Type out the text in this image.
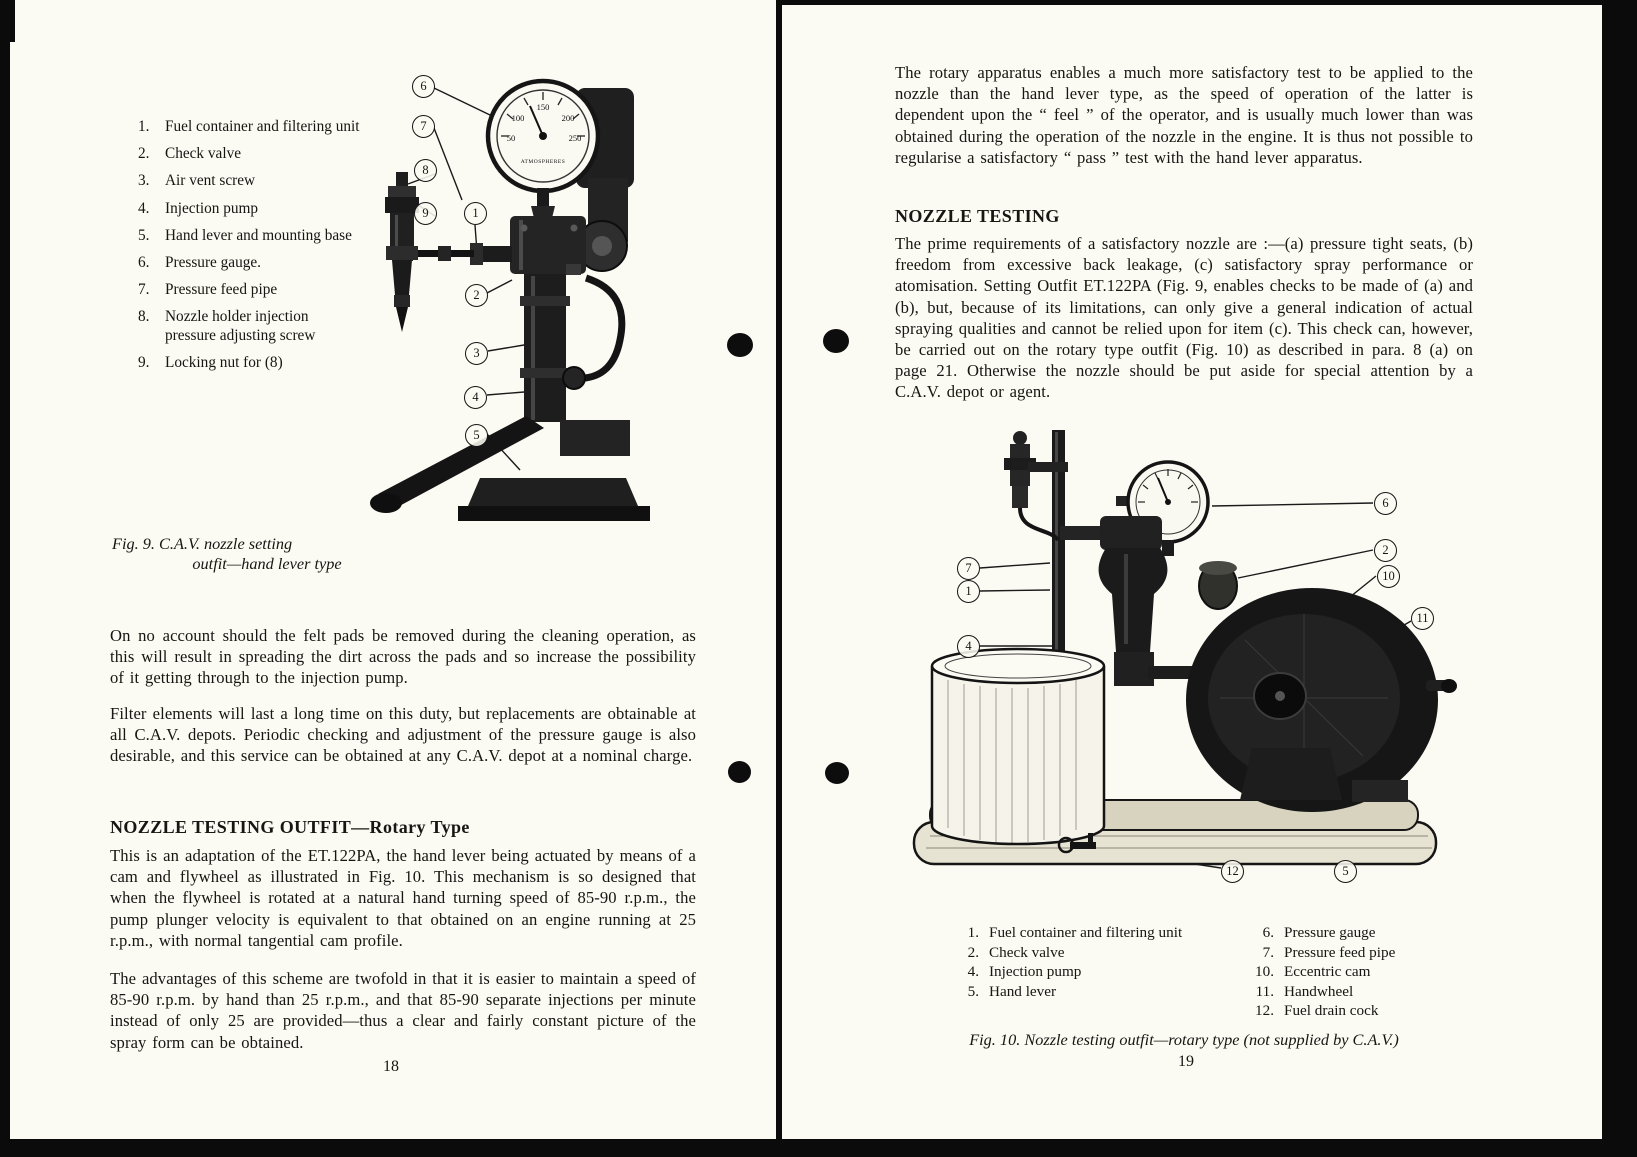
1.	Fuel container and filtering unit
2.	Check valve
3.	Air vent screw
4.	Injection pump
5.	Hand lever and mounting base
6.	Pressure gauge.
7.	Pressure feed pipe
8.	Nozzle holder injection pressure adjusting screw
9.	Locking nut for (8)
150
100	200
50	250
ATMOSPHERES
6
7
8
9	1
2
3
4
5
Fig. 9. C.A.V. nozzle setting
outfit—hand lever type
On no account should the felt pads be removed during the cleaning operation, as this will result in spreading the dirt across the pads and so increase the possibility of it getting through to the injection pump.
Filter elements will last a long time on this duty, but replacements are obtainable at all C.A.V. depots. Periodic checking and adjustment of the pressure gauge is also desirable, and this service can be obtained at any C.A.V. depot at a nominal charge.
NOZZLE TESTING OUTFIT—Rotary Type
This is an adaptation of the ET.122PA, the hand lever being actuated by means of a cam and flywheel as illustrated in Fig. 10. This mechanism is so designed that when the flywheel is rotated at a natural hand turning speed of 85-90 r.p.m., the pump plunger velocity is equivalent to that obtained on an engine running at 25 r.p.m., with normal tangential cam profile.
The advantages of this scheme are twofold in that it is easier to maintain a speed of 85-90 r.p.m. by hand than 25 r.p.m., and that 85-90 separate injections per minute instead of only 25 are provided—thus a clear and fairly constant picture of the spray form can be obtained.
18
The rotary apparatus enables a much more satisfactory test to be applied to the nozzle than the hand lever type, as the speed of operation of the latter is dependent upon the “ feel ” of the operator, and is usually much lower than was obtained during the operation of the nozzle in the engine. It is thus not possible to regularise a satisfactory “ pass ” test with the hand lever apparatus.
NOZZLE TESTING
The prime requirements of a satisfactory nozzle are :—(a) pressure tight seats, (b) freedom from excessive back leakage, (c) satisfactory spray performance or atomisation. Setting Outfit ET.122PA (Fig. 9, enables checks to be made of (a) and (b), but, because of its limitations, can only give a general indication of actual spraying qualities and cannot be relied upon for item (c). This check can, however, be carried out on the rotary type outfit (Fig. 10) as described in para. 8 (a) on page 21. Otherwise the nozzle should be put aside for special attention by a C.A.V. depot or agent.
6
2
10
11
7
1
4
12	5
1. Fuel container and filtering unit
2. Check valve
4. Injection pump
5. Hand lever
6. Pressure gauge
7. Pressure feed pipe
10. Eccentric cam
11. Handwheel
12. Fuel drain cock
Fig. 10. Nozzle testing outfit—rotary type (not supplied by C.A.V.)
19
